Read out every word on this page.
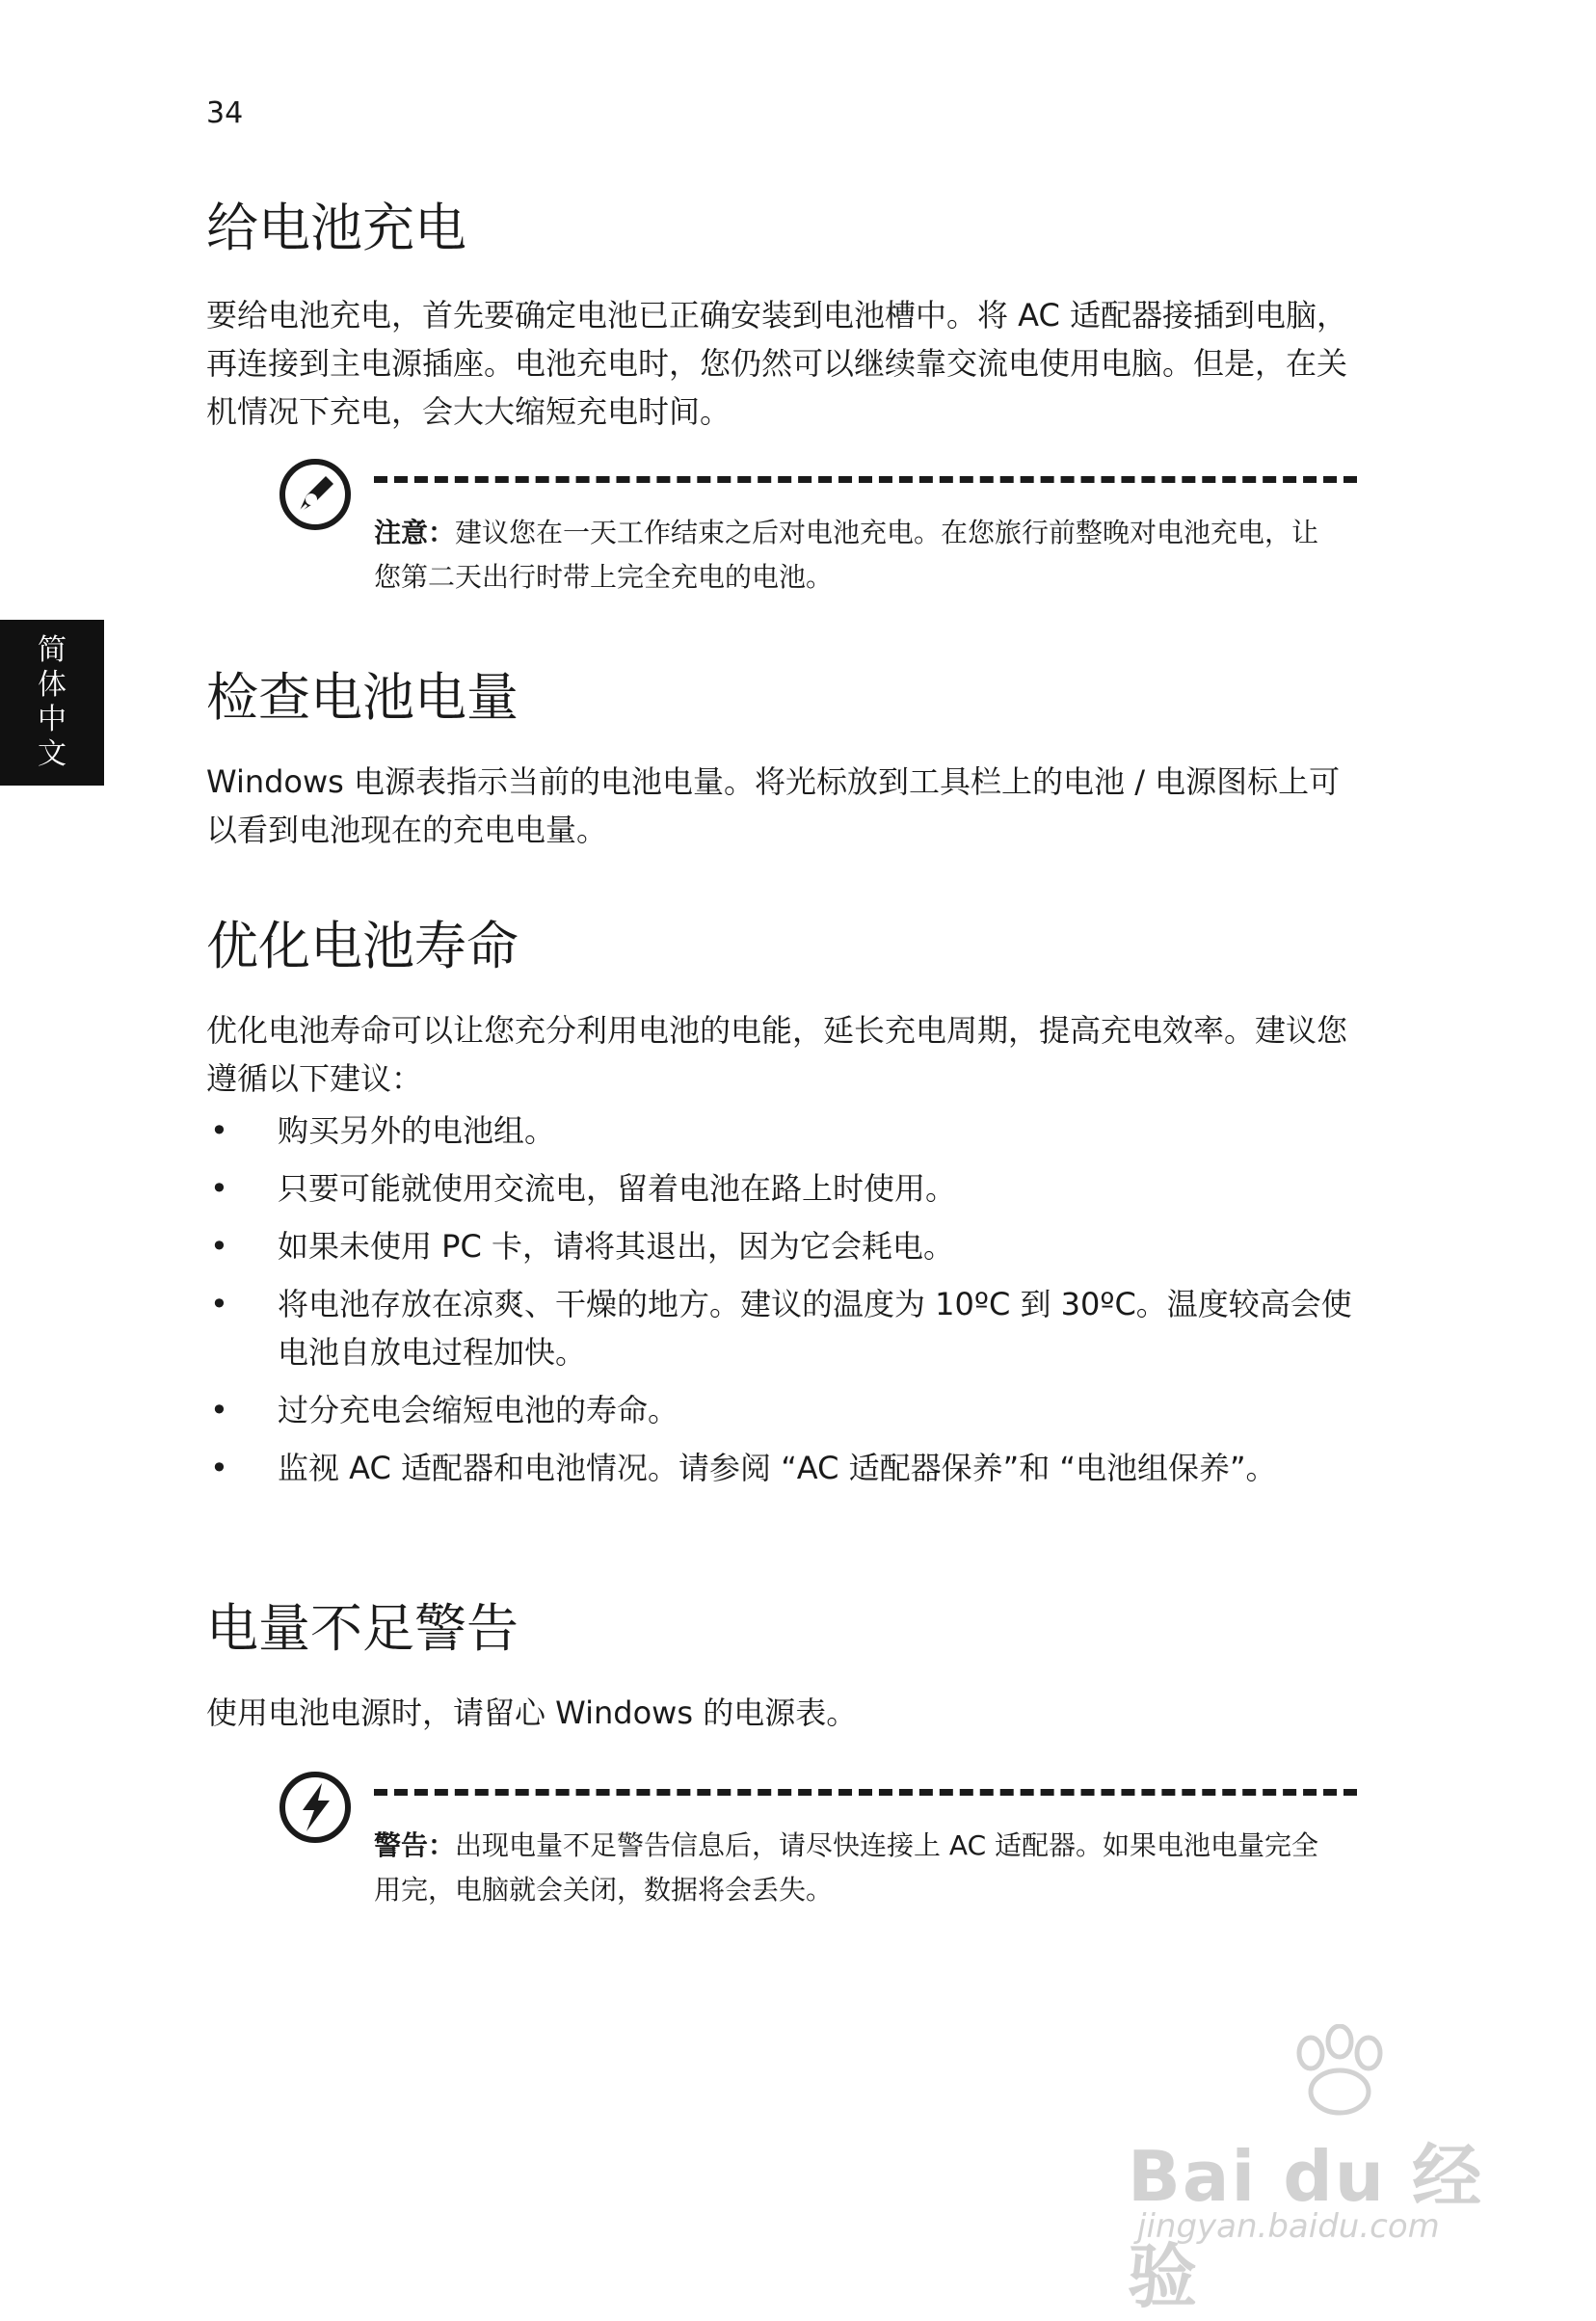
34
简体中文
给电池充电

要给电池充电，首先要确定电池已正确安装到电池槽中。将 AC 适配器接插到电脑，再连接到主电源插座。电池充电时，您仍然可以继续靠交流电使用电脑。但是，在关机情况下充电，会大大缩短充电时间。

注意：建议您在一天工作结束之后对电池充电。在您旅行前整晚对电池充电，让您第二天出行时带上完全充电的电池。

检查电池电量

Windows 电源表指示当前的电池电量。将光标放到工具栏上的电池 / 电源图标上可以看到电池现在的充电电量。

优化电池寿命

优化电池寿命可以让您充分利用电池的电能，延长充电周期，提高充电效率。建议您遵循以下建议：

• 购买另外的电池组。
• 只要可能就使用交流电，留着电池在路上时使用。
• 如果未使用 PC 卡，请将其退出，因为它会耗电。
• 将电池存放在凉爽、干燥的地方。建议的温度为 10ºC 到 30ºC。温度较高会使电池自放电过程加快。
• 过分充电会缩短电池的寿命。
• 监视 AC 适配器和电池情况。请参阅 “AC 适配器保养”和 “电池组保养”。
电量不足警告

使用电池电源时，请留心 Windows 的电源表。

警告：出现电量不足警告信息后，请尽快连接上 AC 适配器。如果电池电量完全用完，电脑就会关闭，数据将会丢失。

Bai du 经验
jingyan.baidu.com
